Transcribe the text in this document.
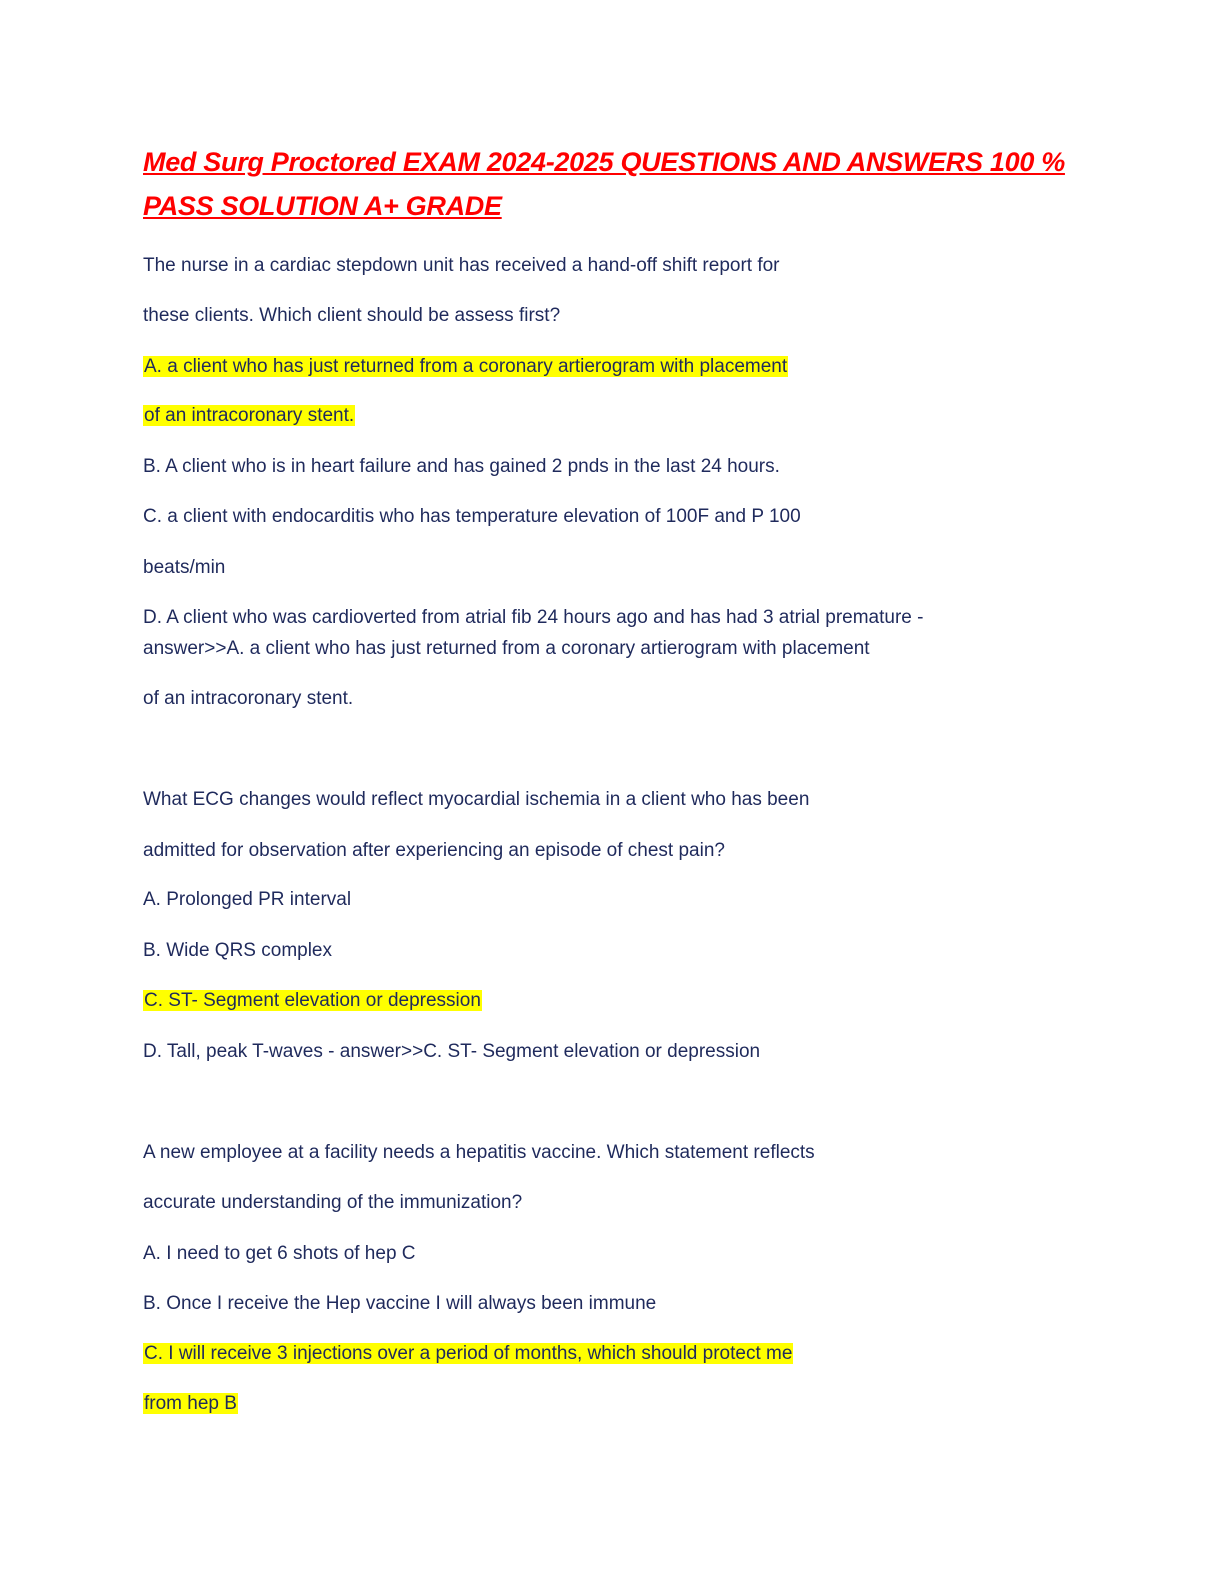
Med Surg Proctored EXAM 2024-2025 QUESTIONS AND ANSWERS 100 % PASS SOLUTION A+ GRADE

The nurse in a cardiac stepdown unit has received a hand-off shift report for

these clients. Which client should be assess first?

A. a client who has just returned from a coronary artierogram with placement

of an intracoronary stent.

B. A client who is in heart failure and has gained 2 pnds in the last 24 hours.

C. a client with endocarditis who has temperature elevation of 100F and P 100

beats/min

D. A client who was cardioverted from atrial fib 24 hours ago and has had 3 atrial premature -

answer>>A. a client who has just returned from a coronary artierogram with placement

of an intracoronary stent.

What ECG changes would reflect myocardial ischemia in a client who has been

admitted for observation after experiencing an episode of chest pain?

A. Prolonged PR interval

B. Wide QRS complex

C. ST- Segment elevation or depression

D. Tall, peak T-waves - answer>>C. ST- Segment elevation or depression

A new employee at a facility needs a hepatitis vaccine. Which statement reflects

accurate understanding of the immunization?

A. I need to get 6 shots of hep C

B. Once I receive the Hep vaccine I will always been immune

C. I will receive 3 injections over a period of months, which should protect me

from hep B
